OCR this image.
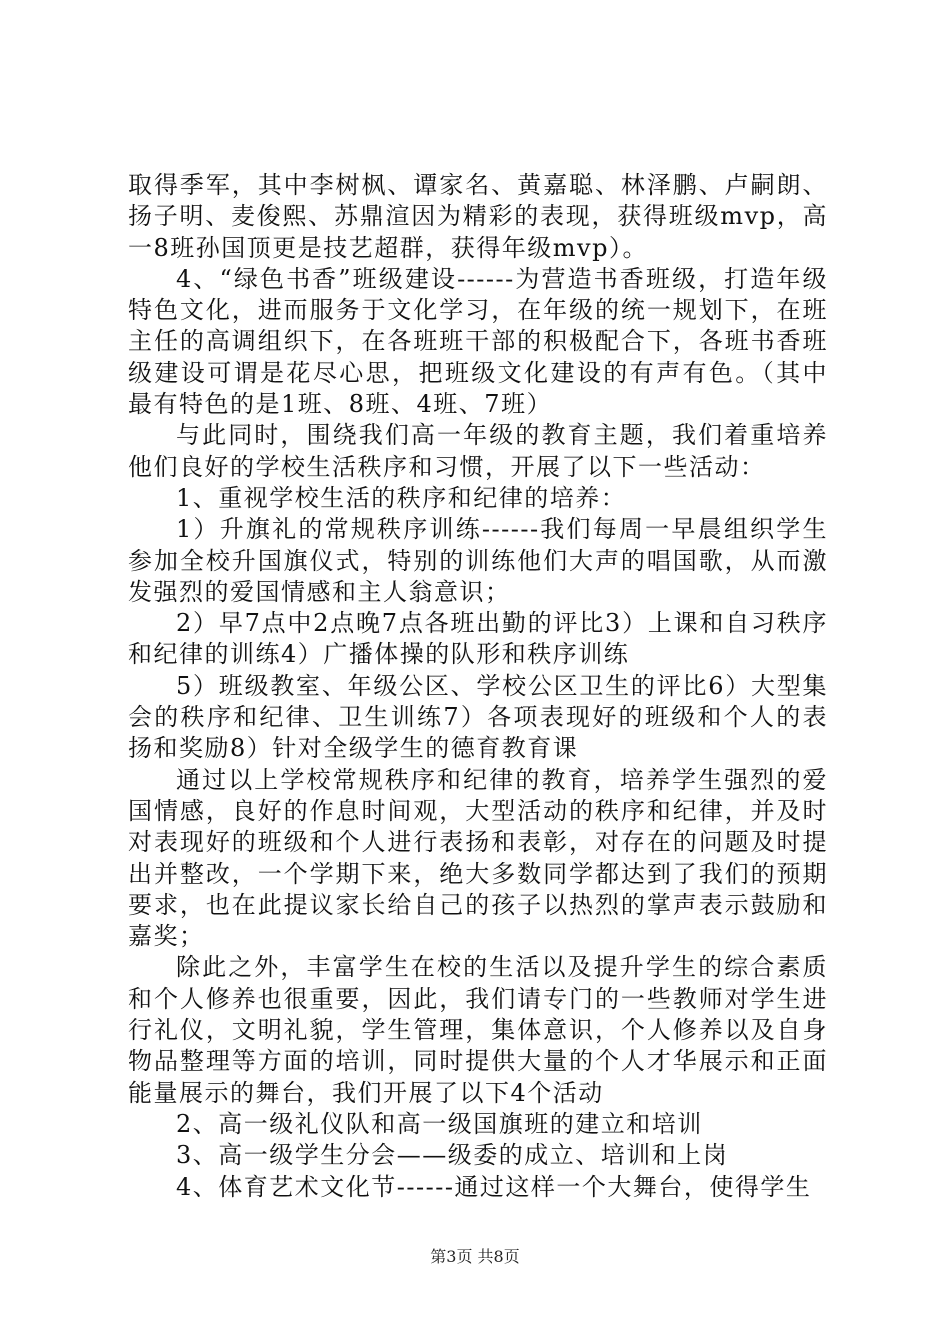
取得季军，其中李树枫、谭家名、黄嘉聪、林泽鹏、卢嗣朗、扬子明、麦俊熙、苏鼎渲因为精彩的表现，获得班级mvp，高一8班孙国顶更是技艺超群，获得年级mvp）。

4、“绿色书香”班级建设------为营造书香班级，打造年级特色文化，进而服务于文化学习，在年级的统一规划下，在班主任的高调组织下，在各班班干部的积极配合下，各班书香班级建设可谓是花尽心思，把班级文化建设的有声有色。（其中最有特色的是1班、8班、4班、7班）

与此同时，围绕我们高一年级的教育主题，我们着重培养他们良好的学校生活秩序和习惯，开展了以下一些活动：

1、重视学校生活的秩序和纪律的培养：

1）升旗礼的常规秩序训练------我们每周一早晨组织学生参加全校升国旗仪式，特别的训练他们大声的唱国歌，从而激发强烈的爱国情感和主人翁意识；

2）早7点中2点晚7点各班出勤的评比3）上课和自习秩序和纪律的训练4）广播体操的队形和秩序训练

5）班级教室、年级公区、学校公区卫生的评比6）大型集会的秩序和纪律、卫生训练7）各项表现好的班级和个人的表扬和奖励8）针对全级学生的德育教育课

通过以上学校常规秩序和纪律的教育，培养学生强烈的爱国情感，良好的作息时间观，大型活动的秩序和纪律，并及时对表现好的班级和个人进行表扬和表彰，对存在的问题及时提出并整改，一个学期下来，绝大多数同学都达到了我们的预期要求，也在此提议家长给自己的孩子以热烈的掌声表示鼓励和嘉奖；

除此之外，丰富学生在校的生活以及提升学生的综合素质和个人修养也很重要，因此，我们请专门的一些教师对学生进行礼仪，文明礼貌，学生管理，集体意识，个人修养以及自身物品整理等方面的培训，同时提供大量的个人才华展示和正面能量展示的舞台，我们开展了以下4个活动

2、高一级礼仪队和高一级国旗班的建立和培训

3、高一级学生分会——级委的成立、培训和上岗

4、体育艺术文化节------通过这样一个大舞台，使得学生

第3页 共8页
